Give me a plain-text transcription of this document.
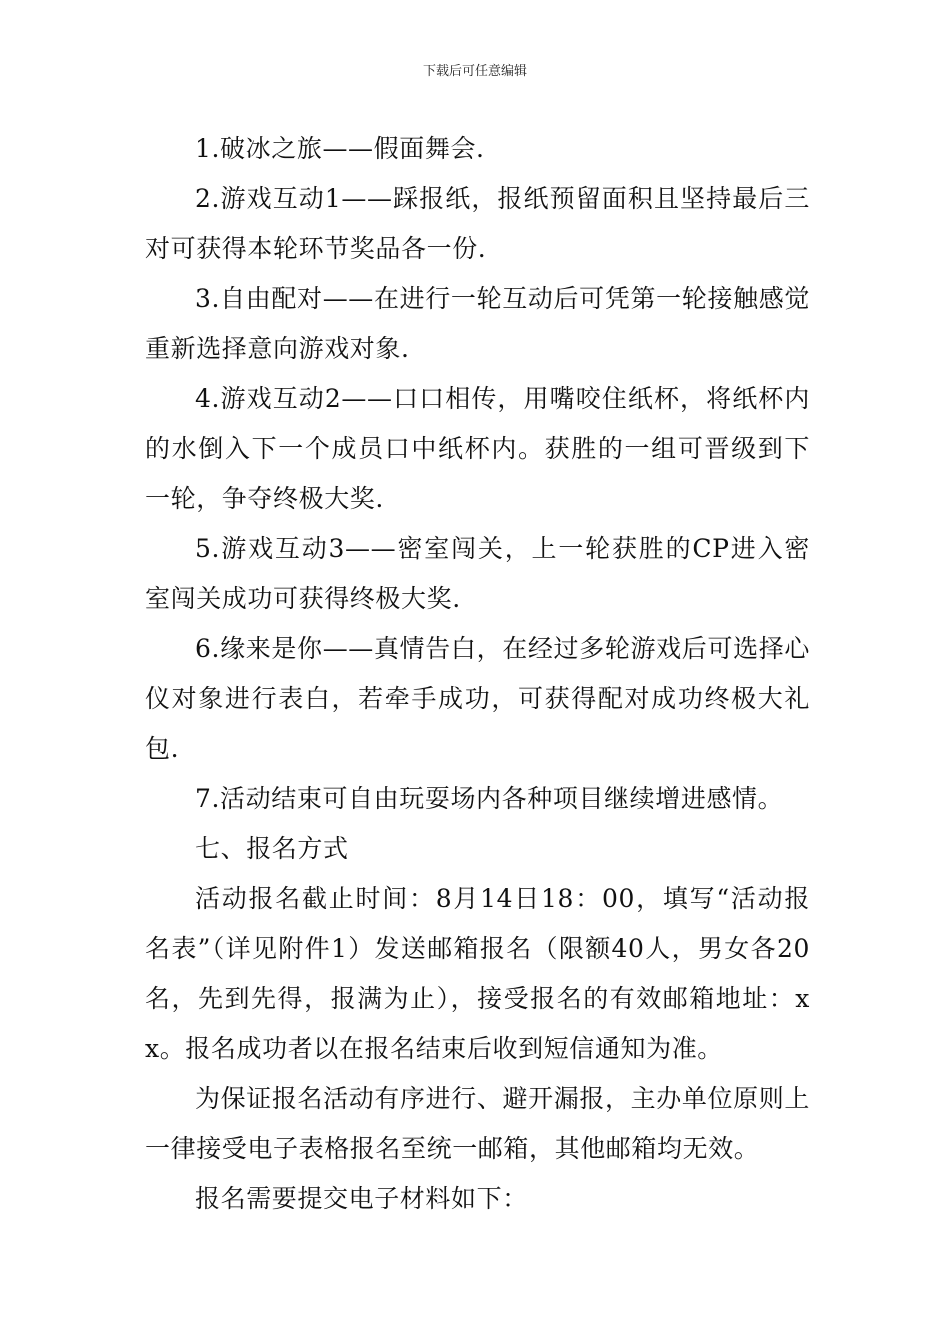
下载后可任意编辑

1.破冰之旅——假面舞会.

2.游戏互动1——踩报纸，报纸预留面积且坚持最后三对可获得本轮环节奖品各一份.

3.自由配对——在进行一轮互动后可凭第一轮接触感觉重新选择意向游戏对象.

4.游戏互动2——口口相传，用嘴咬住纸杯，将纸杯内的水倒入下一个成员口中纸杯内。获胜的一组可晋级到下一轮，争夺终极大奖.

5.游戏互动3——密室闯关，上一轮获胜的CP进入密室闯关成功可获得终极大奖.

6.缘来是你——真情告白，在经过多轮游戏后可选择心仪对象进行表白，若牵手成功，可获得配对成功终极大礼包.

7.活动结束可自由玩耍场内各种项目继续增进感情。

七、报名方式

活动报名截止时间：8月14日18：00，填写“活动报名表”（详见附件1）发送邮箱报名（限额40人，男女各20名，先到先得，报满为止），接受报名的有效邮箱地址：xx。报名成功者以在报名结束后收到短信通知为准。

为保证报名活动有序进行、避开漏报，主办单位原则上一律接受电子表格报名至统一邮箱，其他邮箱均无效。

报名需要提交电子材料如下：
